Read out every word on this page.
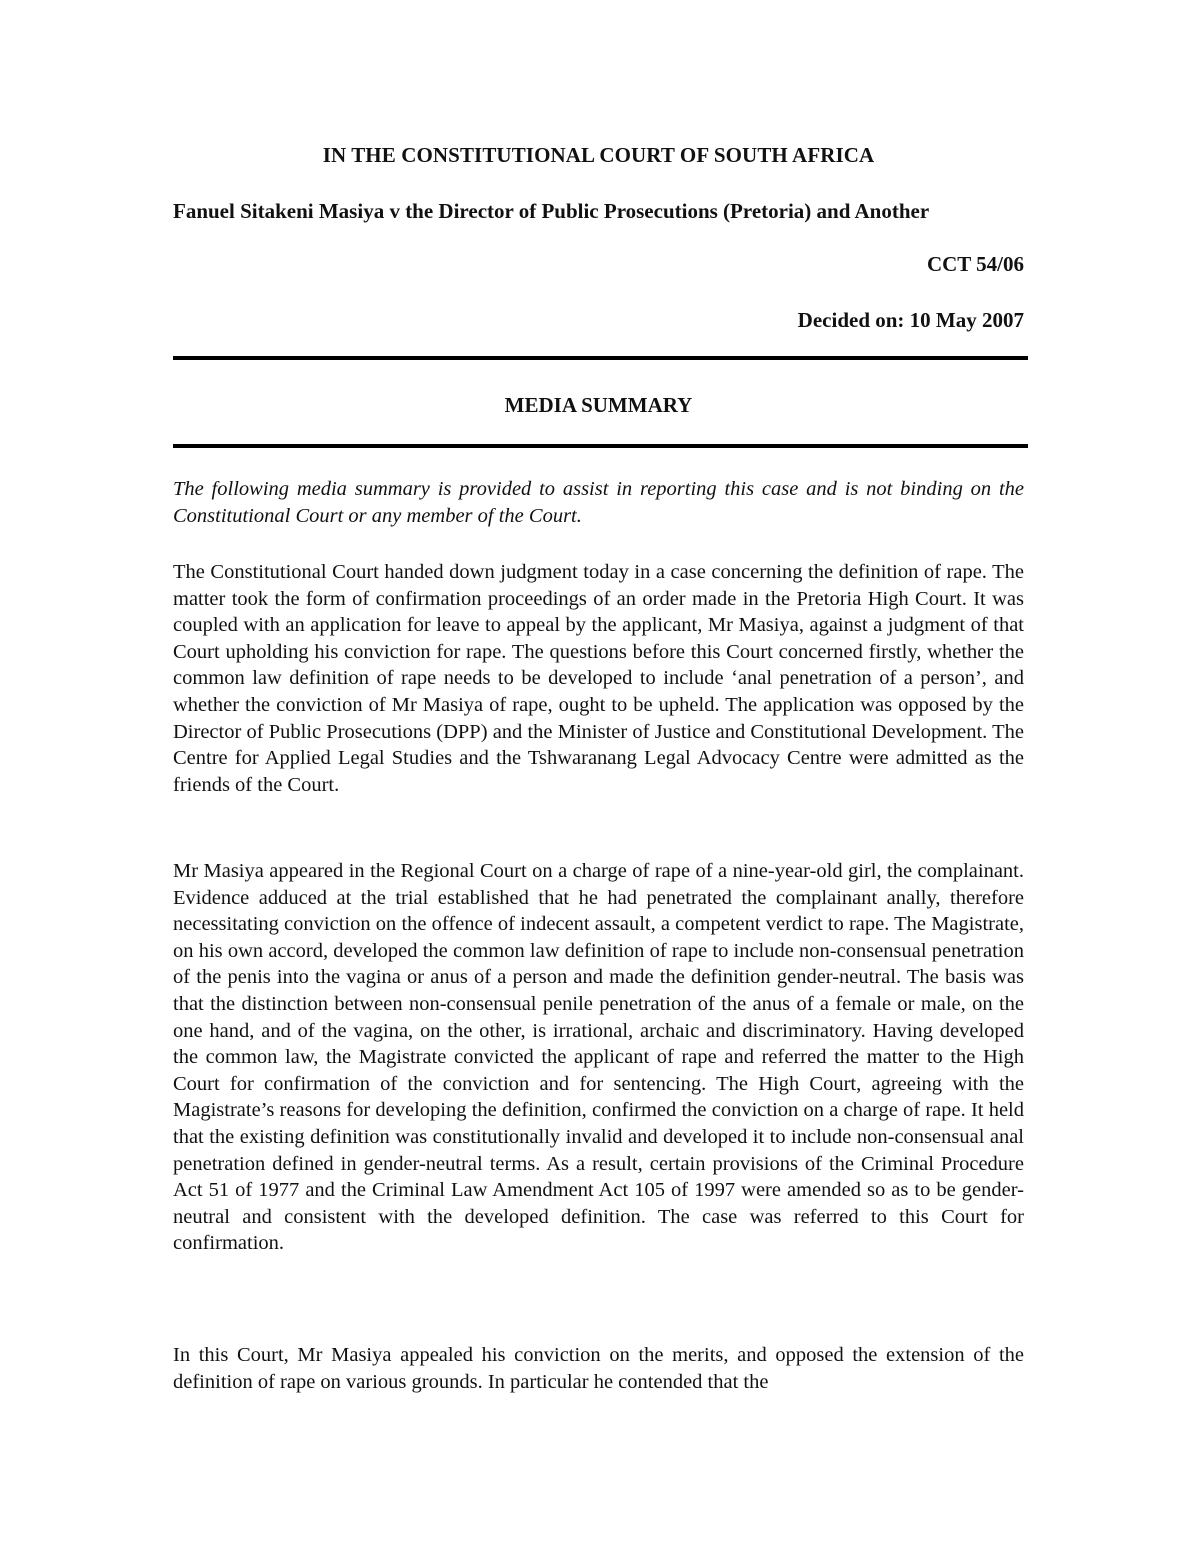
IN THE CONSTITUTIONAL COURT OF SOUTH AFRICA

Fanuel Sitakeni Masiya v the Director of Public Prosecutions (Pretoria) and Another

CCT 54/06

Decided on: 10 May 2007

MEDIA SUMMARY

The following media summary is provided to assist in reporting this case and is not binding on the Constitutional Court or any member of the Court.

The Constitutional Court handed down judgment today in a case concerning the definition of rape. The matter took the form of confirmation proceedings of an order made in the Pretoria High Court. It was coupled with an application for leave to appeal by the applicant, Mr Masiya, against a judgment of that Court upholding his conviction for rape. The questions before this Court concerned firstly, whether the common law definition of rape needs to be developed to include ‘anal penetration of a person’, and whether the conviction of Mr Masiya of rape, ought to be upheld. The application was opposed by the Director of Public Prosecutions (DPP) and the Minister of Justice and Constitutional Development. The Centre for Applied Legal Studies and the Tshwaranang Legal Advocacy Centre were admitted as the friends of the Court.

Mr Masiya appeared in the Regional Court on a charge of rape of a nine-year-old girl, the complainant. Evidence adduced at the trial established that he had penetrated the complainant anally, therefore necessitating conviction on the offence of indecent assault, a competent verdict to rape. The Magistrate, on his own accord, developed the common law definition of rape to include non-consensual penetration of the penis into the vagina or anus of a person and made the definition gender-neutral. The basis was that the distinction between non-consensual penile penetration of the anus of a female or male, on the one hand, and of the vagina, on the other, is irrational, archaic and discriminatory. Having developed the common law, the Magistrate convicted the applicant of rape and referred the matter to the High Court for confirmation of the conviction and for sentencing. The High Court, agreeing with the Magistrate’s reasons for developing the definition, confirmed the conviction on a charge of rape. It held that the existing definition was constitutionally invalid and developed it to include non-consensual anal penetration defined in gender-neutral terms. As a result, certain provisions of the Criminal Procedure Act 51 of 1977 and the Criminal Law Amendment Act 105 of 1997 were amended so as to be gender-neutral and consistent with the developed definition. The case was referred to this Court for confirmation.

In this Court, Mr Masiya appealed his conviction on the merits, and opposed the extension of the definition of rape on various grounds. In particular he contended that the
